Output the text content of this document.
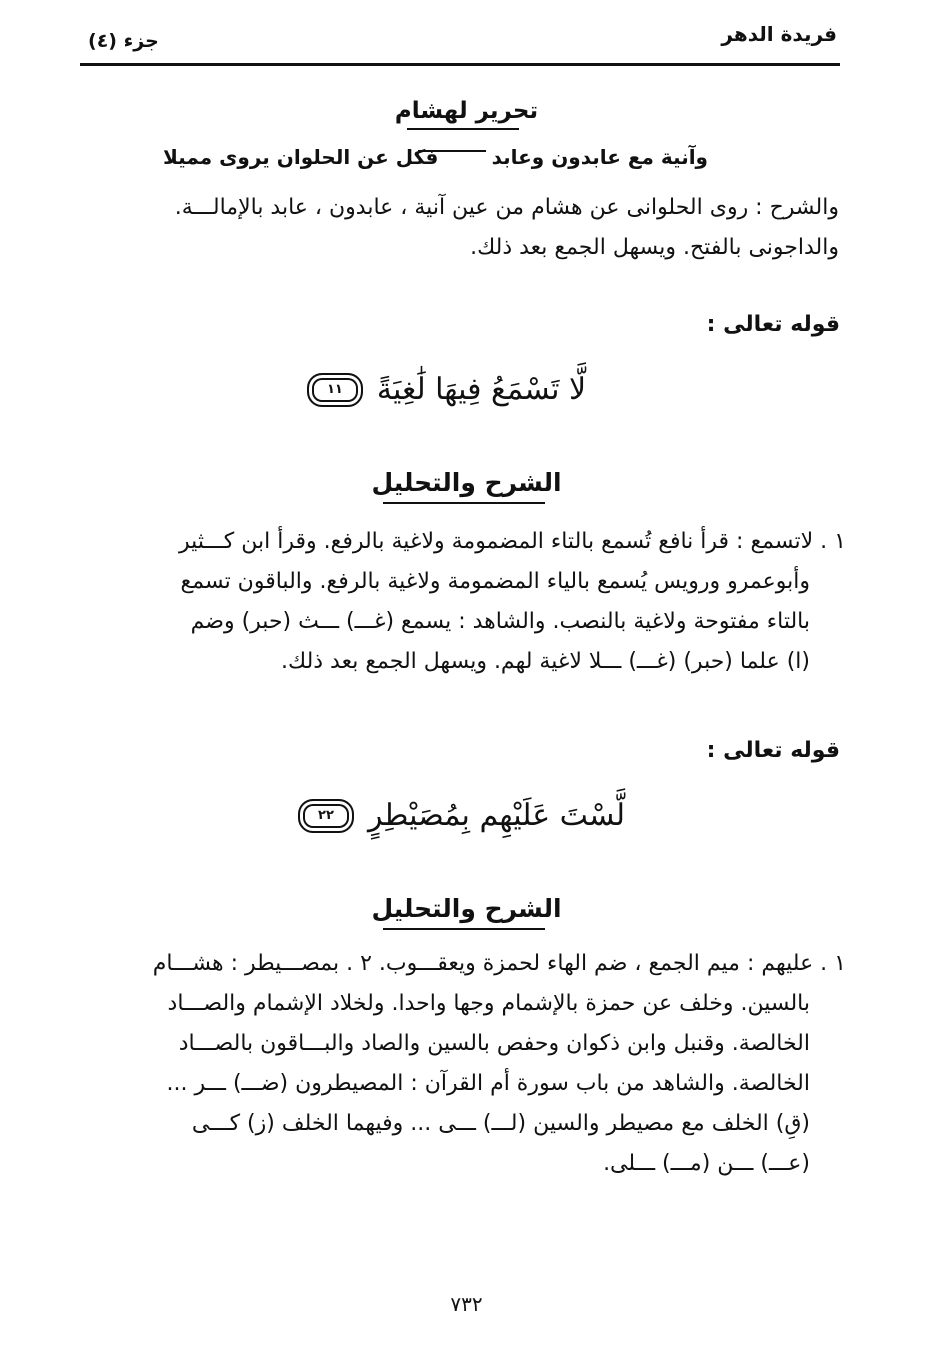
فريدة الدهر
جزء (٤)
تحرير لهشام
وآنية مع عابدون وعابد
فكل عن الحلوان يروى مميلا

والشرح : روى الحلوانى عن هشام من عين آنية ، عابدون ، عابد بالإمالـــة.

والداجونى بالفتح. ويسهل الجمع بعد ذلك.

قوله تعالى :
لَّا تَسْمَعُ فِيهَا لَٰغِيَةً
١١
الشرح والتحليل

١ . لاتسمع : قرأ نافع تُسمع بالتاء المضمومة ولاغية بالرفع. وقرأ ابن كـــثير

وأبوعمرو ورويس يُسمع بالياء المضمومة ولاغية بالرفع. والباقون تسمع

بالتاء مفتوحة ولاغية بالنصب. والشاهد : يسمع (غـــ) ـــث (حبر) وضم

(ا) علما (حبر) (غـــ) ـــلا لاغية لهم. ويسهل الجمع بعد ذلك.

قوله تعالى :
لَّسْتَ عَلَيْهِم بِمُصَيْطِرٍ
٢٢
الشرح والتحليل

١ . عليهم : ميم الجمع ، ضم الهاء لحمزة ويعقـــوب. ٢ . بمصـــيطر : هشـــام

بالسين. وخلف عن حمزة بالإشمام وجها واحدا. ولخلاد الإشمام والصـــاد

الخالصة. وقنبل وابن ذكوان وحفص بالسين والصاد والبـــاقون بالصـــاد

الخالصة. والشاهد من باب سورة أم القرآن : المصيطرون (ضـــ) ـــر ...

(قِ) الخلف مع مصيطر والسين (لـــ) ـــى ... وفيهما الخلف (ز) كـــى

(عـــ) ـــن (مـــ) ـــلى.

٧٣٢
